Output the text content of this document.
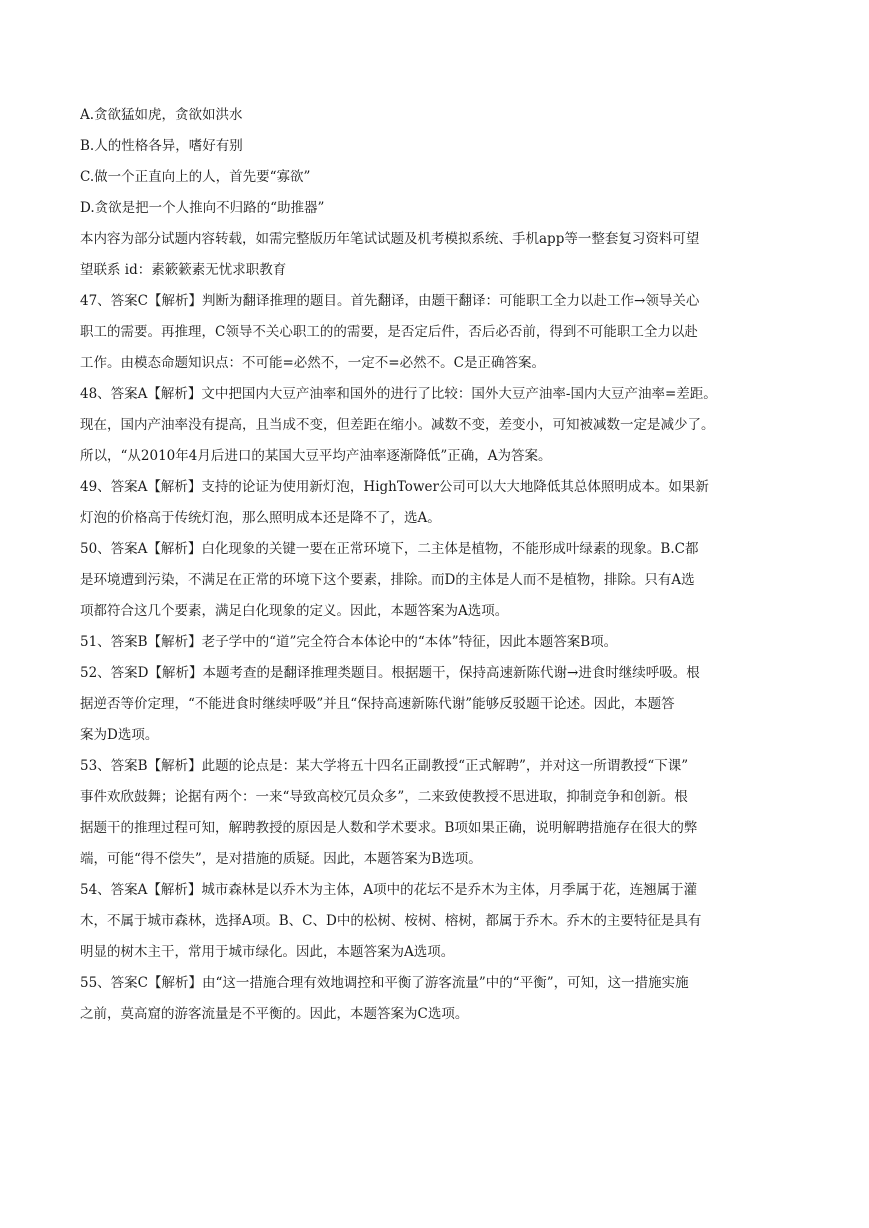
A.贪欲猛如虎，贪欲如洪水
B.人的性格各异，嗜好有别
C.做一个正直向上的人，首先要“寡欲”
D.贪欲是把一个人推向不归路的“助推器”
本内容为部分试题内容转载，如需完整版历年笔试试题及机考模拟系统、手机app等一整套复习资料可望
望联系 id：素簌簌素无忧求职教育
47、答案C【解析】判断为翻译推理的题目。首先翻译，由题干翻译：可能职工全力以赴工作→领导关心
职工的需要。再推理，C领导不关心职工的的需要，是否定后件，否后必否前，得到不可能职工全力以赴
工作。由模态命题知识点：不可能=必然不，一定不=必然不。C是正确答案。
48、答案A【解析】文中把国内大豆产油率和国外的进行了比较：国外大豆产油率-国内大豆产油率=差距。
现在，国内产油率没有提高，且当成不变，但差距在缩小。减数不变，差变小，可知被减数一定是减少了。
所以，“从2010年4月后进口的某国大豆平均产油率逐渐降低”正确，A为答案。
49、答案A【解析】支持的论证为使用新灯泡，HighTower公司可以大大地降低其总体照明成本。如果新
灯泡的价格高于传统灯泡，那么照明成本还是降不了，选A。
50、答案A【解析】白化现象的关键一要在正常环境下，二主体是植物，不能形成叶绿素的现象。B.C都
是环境遭到污染，不满足在正常的环境下这个要素，排除。而D的主体是人而不是植物，排除。只有A选
项都符合这几个要素，满足白化现象的定义。因此，本题答案为A选项。
51、答案B【解析】老子学中的“道”完全符合本体论中的“本体”特征，因此本题答案B项。
52、答案D【解析】本题考查的是翻译推理类题目。根据题干，保持高速新陈代谢→进食时继续呼吸。根
据逆否等价定理，“不能进食时继续呼吸”并且“保持高速新陈代谢”能够反驳题干论述。因此，本题答
案为D选项。
53、答案B【解析】此题的论点是：某大学将五十四名正副教授“正式解聘”，并对这一所谓教授“下课”
事件欢欣鼓舞；论据有两个：一来“导致高校冗员众多”，二来致使教授不思进取，抑制竞争和创新。根
据题干的推理过程可知，解聘教授的原因是人数和学术要求。B项如果正确，说明解聘措施存在很大的弊
端，可能“得不偿失”，是对措施的质疑。因此，本题答案为B选项。
54、答案A【解析】城市森林是以乔木为主体，A项中的花坛不是乔木为主体，月季属于花，连翘属于灌
木，不属于城市森林，选择A项。B、C、D中的松树、桉树、榕树，都属于乔木。乔木的主要特征是具有
明显的树木主干，常用于城市绿化。因此，本题答案为A选项。
55、答案C【解析】由“这一措施合理有效地调控和平衡了游客流量”中的“平衡”，可知，这一措施实施
之前，莫高窟的游客流量是不平衡的。因此，本题答案为C选项。
